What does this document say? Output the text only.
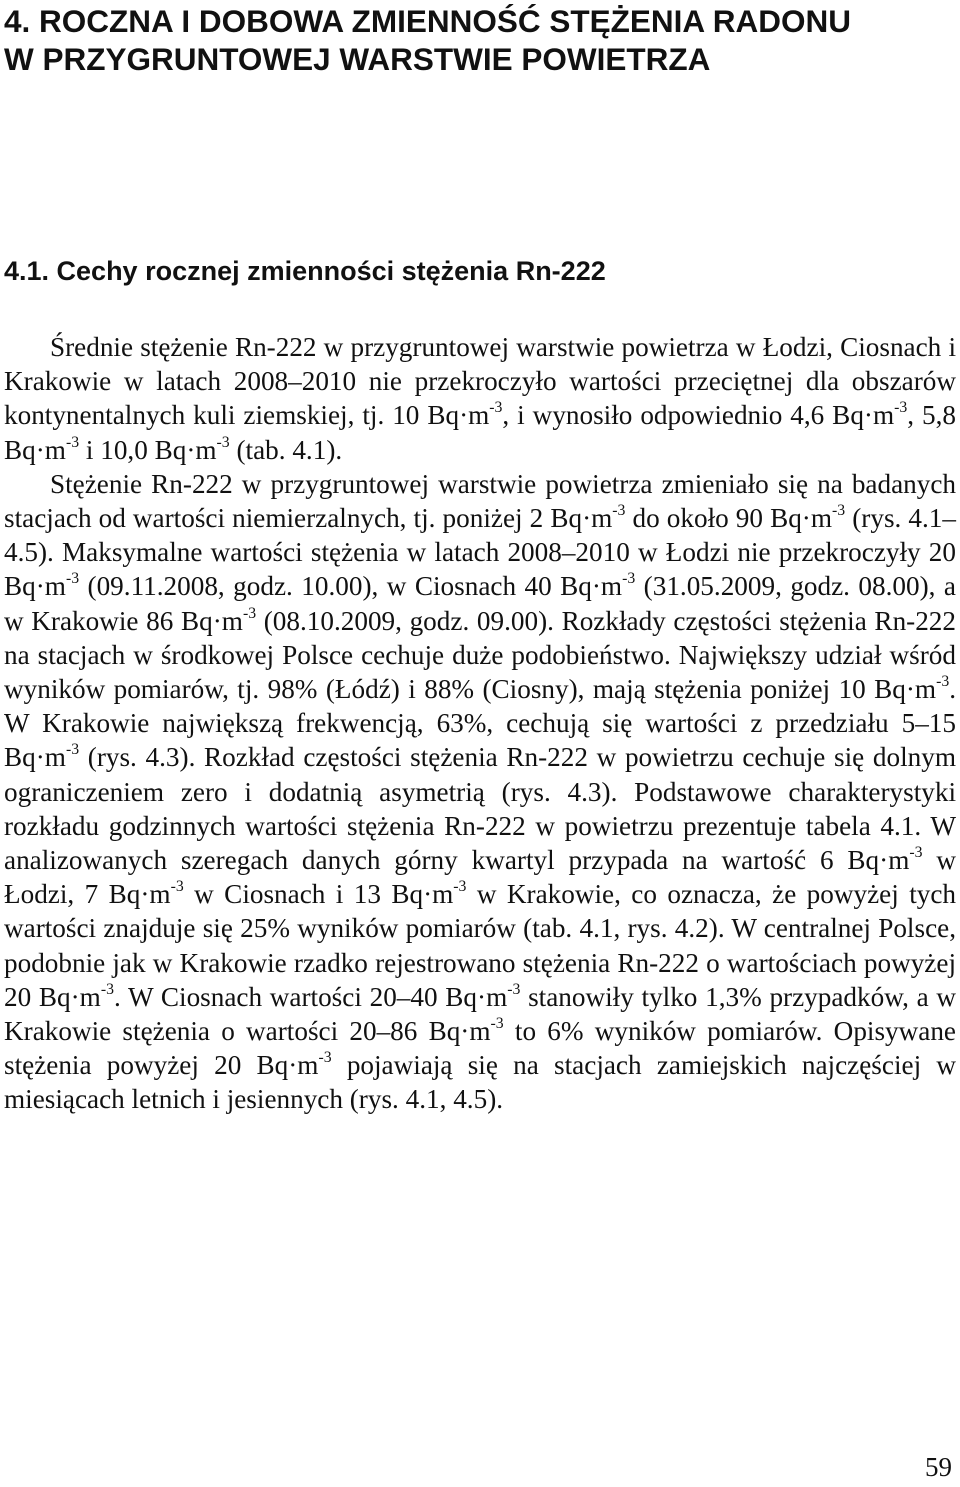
4. ROCZNA I DOBOWA ZMIENNOŚĆ STĘŻENIA RADONU
W PRZYGRUNTOWEJ WARSTWIE POWIETRZA
4.1. Cechy rocznej zmienności stężenia Rn-222

Średnie stężenie Rn-222 w przygruntowej warstwie powietrza w Łodzi, Ciosnach i Krakowie w latach 2008–2010 nie przekroczyło wartości przeciętnej dla obszarów kontynentalnych kuli ziemskiej, tj. 10 $Bq\cdot m^{-3}$, i wynosiło odpowiednio 4,6 $Bq\cdot m^{-3}$, 5,8 $Bq\cdot m^{-3}$ i 10,0 $Bq\cdot m^{-3}$ (tab. 4.1).

Stężenie Rn-222 w przygruntowej warstwie powietrza zmieniało się na badanych stacjach od wartości niemierzalnych, tj. poniżej 2 $Bq\cdot m^{-3}$ do około 90 $Bq\cdot m^{-3}$ (rys. 4.1–4.5). Maksymalne wartości stężenia w latach 2008–2010 w Łodzi nie przekroczyły 20 $Bq\cdot m^{-3}$ (09.11.2008, godz. 10.00), w Ciosnach 40 $Bq\cdot m^{-3}$ (31.05.2009, godz. 08.00), a w Krakowie 86 $Bq\cdot m^{-3}$ (08.10.2009, godz. 09.00). Rozkłady częstości stężenia Rn-222 na stacjach w środkowej Polsce cechuje duże podobieństwo. Największy udział wśród wyników pomiarów, tj. 98% (Łódź) i 88% (Ciosny), mają stężenia poniżej 10 $Bq\cdot m^{-3}$. W Krakowie największą frekwencją, 63%, cechują się wartości z przedziału 5–15 $Bq\cdot m^{-3}$ (rys. 4.3). Rozkład częstości stężenia Rn-222 w powietrzu cechuje się dolnym ograniczeniem zero i dodatnią asymetrią (rys. 4.3). Podstawowe charakterystyki rozkładu godzinnych wartości stężenia Rn-222 w powietrzu prezentuje tabela 4.1. W analizowanych szeregach danych górny kwartyl przypada na wartość 6 $Bq\cdot m^{-3}$ w Łodzi, 7 $Bq\cdot m^{-3}$ w Ciosnach i 13 $Bq\cdot m^{-3}$ w Krakowie, co oznacza, że powyżej tych wartości znajduje się 25% wyników pomiarów (tab. 4.1, rys. 4.2). W centralnej Polsce, podobnie jak w Krakowie rzadko rejestrowano stężenia Rn-222 o wartościach powyżej 20 $Bq\cdot m^{-3}$. W Ciosnach wartości 20–40 $Bq\cdot m^{-3}$ stanowiły tylko 1,3% przypadków, a w Krakowie stężenia o wartości 20–86 $Bq\cdot m^{-3}$ to 6% wyników pomiarów. Opisywane stężenia powyżej 20 $Bq\cdot m^{-3}$ pojawiają się na stacjach zamiejskich najczęściej w miesiącach letnich i jesiennych (rys. 4.1, 4.5).

59
